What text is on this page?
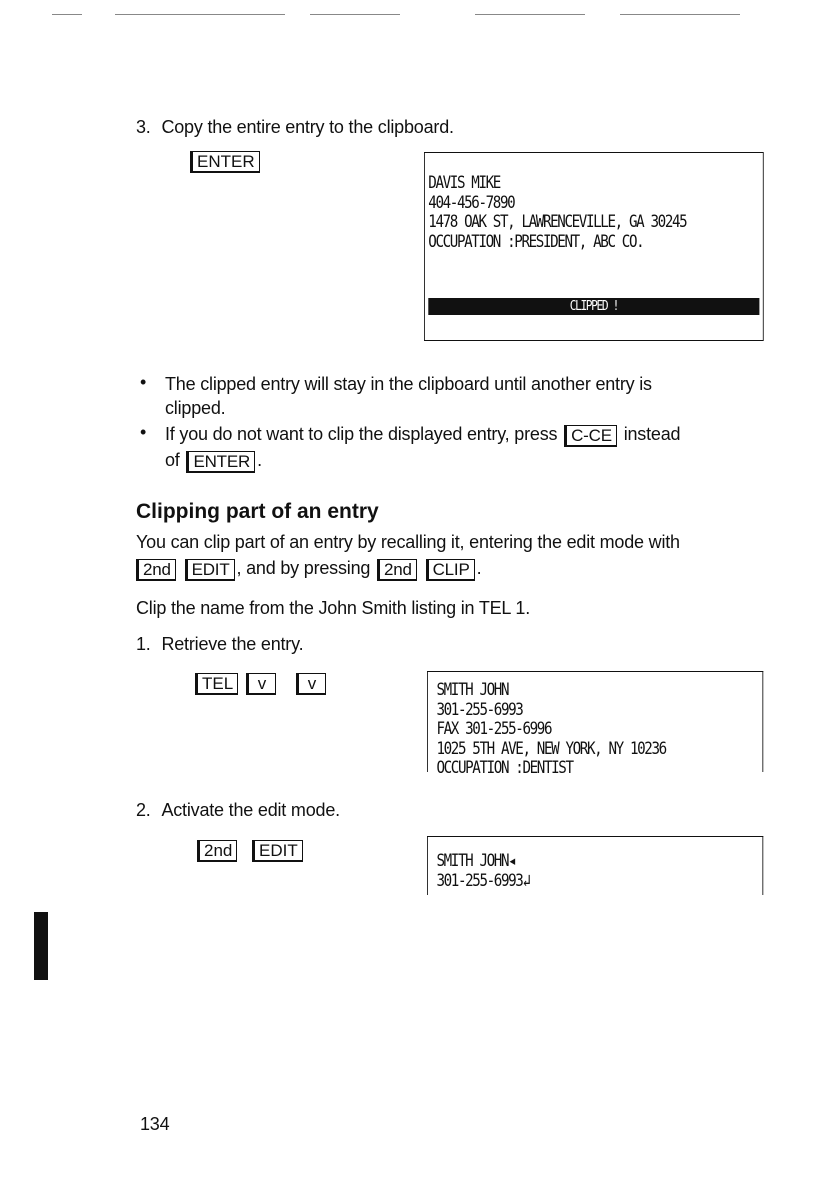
3. Copy the entire entry to the clipboard.
ENTER
DAVIS MIKE
404-456-7890
1478 OAK ST, LAWRENCEVILLE, GA 30245
OCCUPATION :PRESIDENT, ABC CO.
CLIPPED !
• The clipped entry will stay in the clipboard until another entry is
clipped.
• If you do not want to clip the displayed entry, press C-CE instead
of ENTER .
Clipping part of an entry
You can clip part of an entry by recalling it, entering the edit mode with
2nd EDIT , and by pressing 2nd CLIP .
Clip the name from the John Smith listing in TEL 1.
1. Retrieve the entry.
TEL	v	v	SMITH JOHN
301-255-6993
FAX 301-255-6996
1025 5TH AVE, NEW YORK, NY 10236
OCCUPATION :DENTIST
2. Activate the edit mode.
2nd	EDIT
SMITH JOHN◂
301-255-6993↲
134
